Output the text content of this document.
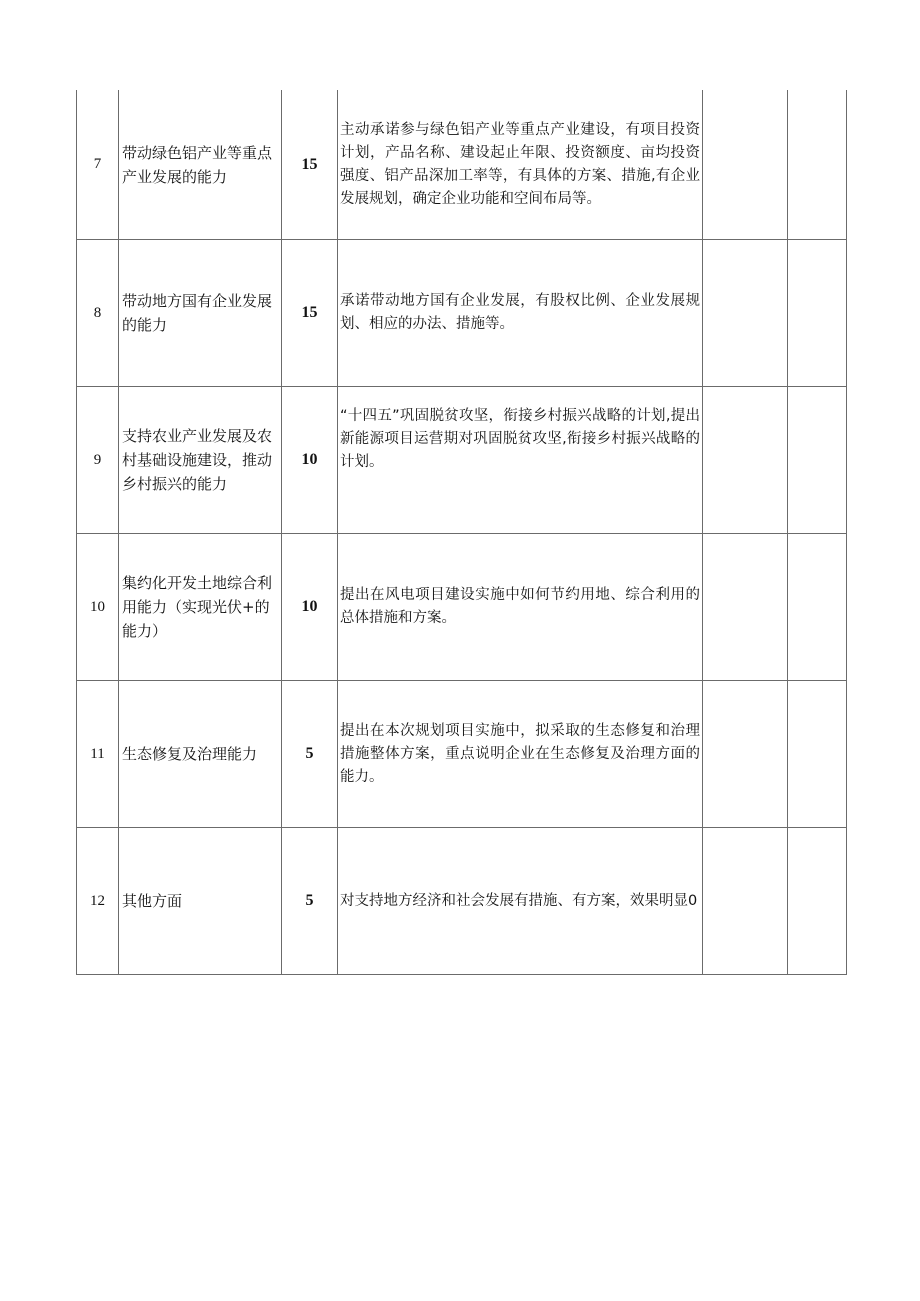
7
带动绿色铝产业等重点产业发展的能力
15
主动承诺参与绿色铝产业等重点产业建设，有项目投资计划，产品名称、建设起止年限、投资额度、亩均投资强度、铝产品深加工率等，有具体的方案、措施,有企业发展规划，确定企业功能和空间布局等。
8
带动地方国有企业发展的能力
15
承诺带动地方国有企业发展，有股权比例、企业发展规划、相应的办法、措施等。
9
支持农业产业发展及农村基础设施建设，推动乡村振兴的能力
10
“十四五”巩固脱贫攻坚，衔接乡村振兴战略的计划,提出新能源项目运营期对巩固脱贫攻坚,衔接乡村振兴战略的计划。
10
集约化开发土地综合利用能力（实现光伏+的能力）
10
提出在风电项目建设实施中如何节约用地、综合利用的总体措施和方案。
11 生态修复及治理能力	5
提出在本次规划项目实施中，拟采取的生态修复和治理措施整体方案，重点说明企业在生态修复及治理方面的能力。
12 其他方面	5 对支持地方经济和社会发展有措施、有方案，效果明显0
